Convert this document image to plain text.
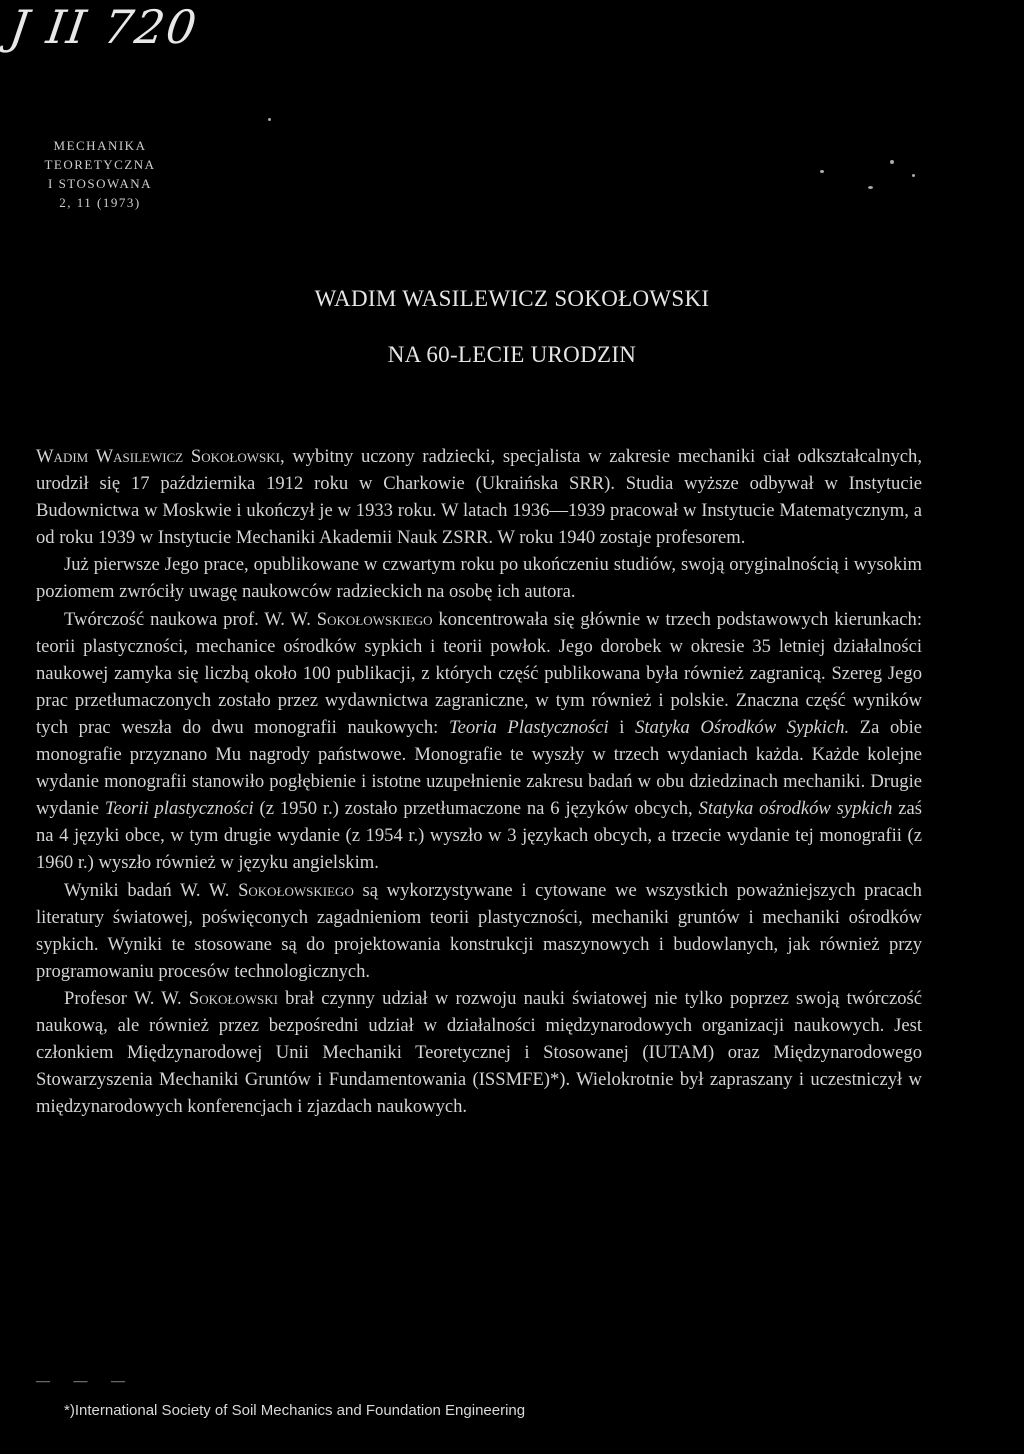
J II 720
MECHANIKA
TEORETYCZNA
I STOSOWANA
2, 11 (1973)
WADIM WASILEWICZ SOKOŁOWSKI
NA 60-LECIE URODZIN

Wadim Wasilewicz Sokołowski, wybitny uczony radziecki, specjalista w zakresie mechaniki ciał odkształcalnych, urodził się 17 października 1912 roku w Charkowie (Ukraińska SRR). Studia wyższe odbywał w Instytucie Budownictwa w Moskwie i ukończył je w 1933 roku. W latach 1936—1939 pracował w Instytucie Matematycznym, a od roku 1939 w Instytucie Mechaniki Akademii Nauk ZSRR. W roku 1940 zostaje profesorem.

Już pierwsze Jego prace, opublikowane w czwartym roku po ukończeniu studiów, swoją oryginalnością i wysokim poziomem zwróciły uwagę naukowców radzieckich na osobę ich autora.

Twórczość naukowa prof. W. W. Sokołowskiego koncentrowała się głównie w trzech podstawowych kierunkach: teorii plastyczności, mechanice ośrodków sypkich i teorii powłok. Jego dorobek w okresie 35 letniej działalności naukowej zamyka się liczbą około 100 publikacji, z których część publikowana była również zagranicą. Szereg Jego prac przetłumaczonych zostało przez wydawnictwa zagraniczne, w tym również i polskie. Znaczna część wyników tych prac weszła do dwu monografii naukowych: Teoria Plastyczności i Statyka Ośrodków Sypkich. Za obie monografie przyznano Mu nagrody państwowe. Monografie te wyszły w trzech wydaniach każda. Każde kolejne wydanie monografii stanowiło pogłębienie i istotne uzupełnienie zakresu badań w obu dziedzinach mechaniki. Drugie wydanie Teorii plastyczności (z 1950 r.) zostało przetłumaczone na 6 języków obcych, Statyka ośrodków sypkich zaś na 4 języki obce, w tym drugie wydanie (z 1954 r.) wyszło w 3 językach obcych, a trzecie wydanie tej monografii (z 1960 r.) wyszło również w języku angielskim.

Wyniki badań W. W. Sokołowskiego są wykorzystywane i cytowane we wszystkich poważniejszych pracach literatury światowej, poświęconych zagadnieniom teorii plastyczności, mechaniki gruntów i mechaniki ośrodków sypkich. Wyniki te stosowane są do projektowania konstrukcji maszynowych i budowlanych, jak również przy programowaniu procesów technologicznych.

Profesor W. W. Sokołowski brał czynny udział w rozwoju nauki światowej nie tylko poprzez swoją twórczość naukową, ale również przez bezpośredni udział w działalności międzynarodowych organizacji naukowych. Jest członkiem Międzynarodowej Unii Mechaniki Teoretycznej i Stosowanej (IUTAM) oraz Międzynarodowego Stowarzyszenia Mechaniki Gruntów i Fundamentowania (ISSMFE)*). Wielokrotnie był zapraszany i uczestniczył w międzynarodowych konferencjach i zjazdach naukowych.

— — —
*)International Society of Soil Mechanics and Foundation Engineering
